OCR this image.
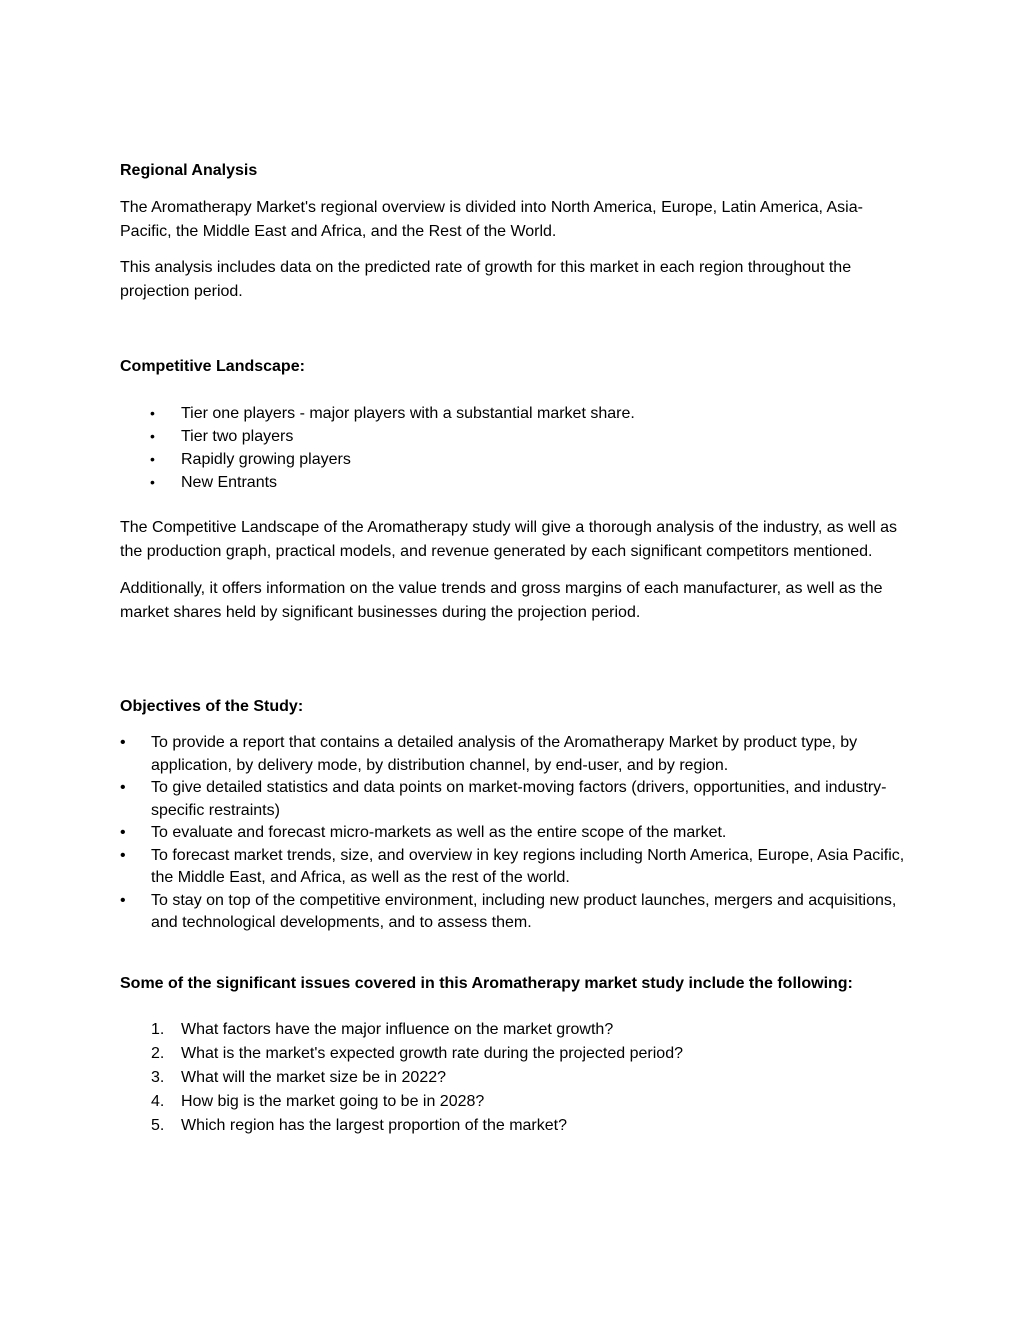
Regional Analysis

The Aromatherapy Market's regional overview is divided into North America, Europe, Latin America, Asia-Pacific, the Middle East and Africa, and the Rest of the World.

This analysis includes data on the predicted rate of growth for this market in each region throughout the projection period.

Competitive Landscape:

• Tier one players - major players with a substantial market share.
• Tier two players
• Rapidly growing players
• New Entrants

The Competitive Landscape of the Aromatherapy study will give a thorough analysis of the industry, as well as the production graph, practical models, and revenue generated by each significant competitors mentioned.

Additionally, it offers information on the value trends and gross margins of each manufacturer, as well as the market shares held by significant businesses during the projection period.

Objectives of the Study:

• To provide a report that contains a detailed analysis of the Aromatherapy Market by product type, by application, by delivery mode, by distribution channel, by end-user, and by region.
• To give detailed statistics and data points on market-moving factors (drivers, opportunities, and industry-specific restraints)
• To evaluate and forecast micro-markets as well as the entire scope of the market.
• To forecast market trends, size, and overview in key regions including North America, Europe, Asia Pacific, the Middle East, and Africa, as well as the rest of the world.
• To stay on top of the competitive environment, including new product launches, mergers and acquisitions, and technological developments, and to assess them.

Some of the significant issues covered in this Aromatherapy market study include the following:

1. What factors have the major influence on the market growth?
2. What is the market's expected growth rate during the projected period?
3. What will the market size be in 2022?
4. How big is the market going to be in 2028?
5. Which region has the largest proportion of the market?
